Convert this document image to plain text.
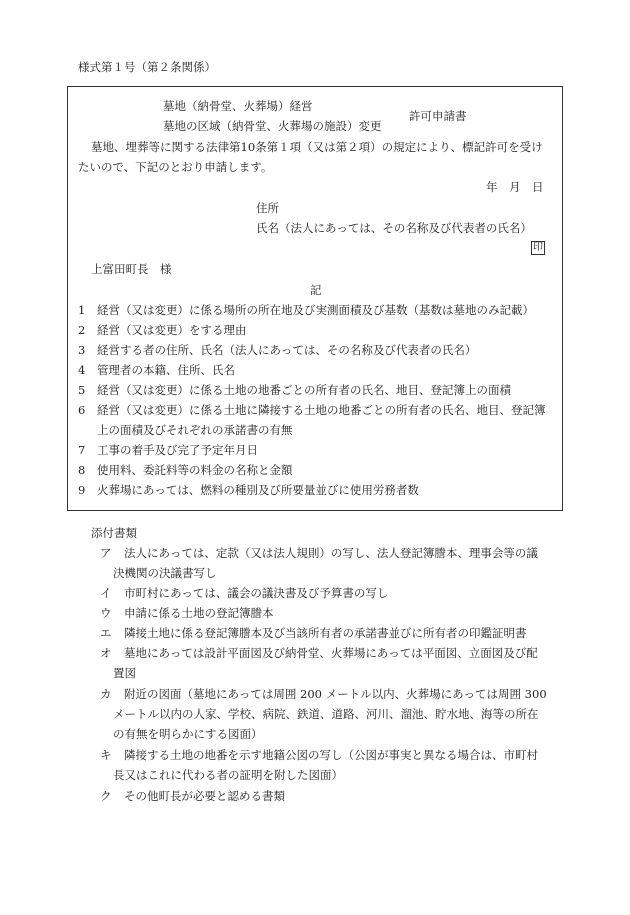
様式第１号（第２条関係）
墓地（納骨堂、火葬場）経営
墓地の区域（納骨堂、火葬場の施設）変更
許可申請書
墓地、埋葬等に関する法律第10条第１項（又は第２項）の規定により、標記許可を受け
たいので、下記のとおり申請します。
年　月　日
住所
氏名（法人にあっては、その名称及び代表者の氏名）
印
上富田町長　様
記
1 経営（又は変更）に係る場所の所在地及び実測面積及び基数（基数は墓地のみ記載）
2 経営（又は変更）をする理由
3 経営する者の住所、氏名（法人にあっては、その名称及び代表者の氏名）
4 管理者の本籍、住所、氏名
5 経営（又は変更）に係る土地の地番ごとの所有者の氏名、地目、登記簿上の面積
6 経営（又は変更）に係る土地に隣接する土地の地番ごとの所有者の氏名、地目、登記簿
上の面積及びそれぞれの承諾書の有無
7 工事の着手及び完了予定年月日
8 使用料、委託料等の料金の名称と金額
9 火葬場にあっては、燃料の種別及び所要量並びに使用労務者数
添付書類
ア 法人にあっては、定款（又は法人規則）の写し、法人登記簿謄本、理事会等の議
決機関の決議書写し
イ 市町村にあっては、議会の議決書及び予算書の写し
ウ 申請に係る土地の登記簿謄本
エ 隣接土地に係る登記簿謄本及び当該所有者の承諾書並びに所有者の印鑑証明書
オ 墓地にあっては設計平面図及び納骨堂、火葬場にあっては平面図、立面図及び配
置図
カ 附近の図面（墓地にあっては周囲 200 メートル以内、火葬場にあっては周囲 300
メートル以内の人家、学校、病院、鉄道、道路、河川、溜池、貯水地、海等の所在
の有無を明らかにする図面）
キ 隣接する土地の地番を示す地籍公図の写し（公図が事実と異なる場合は、市町村
長又はこれに代わる者の証明を附した図面）
ク その他町長が必要と認める書類
